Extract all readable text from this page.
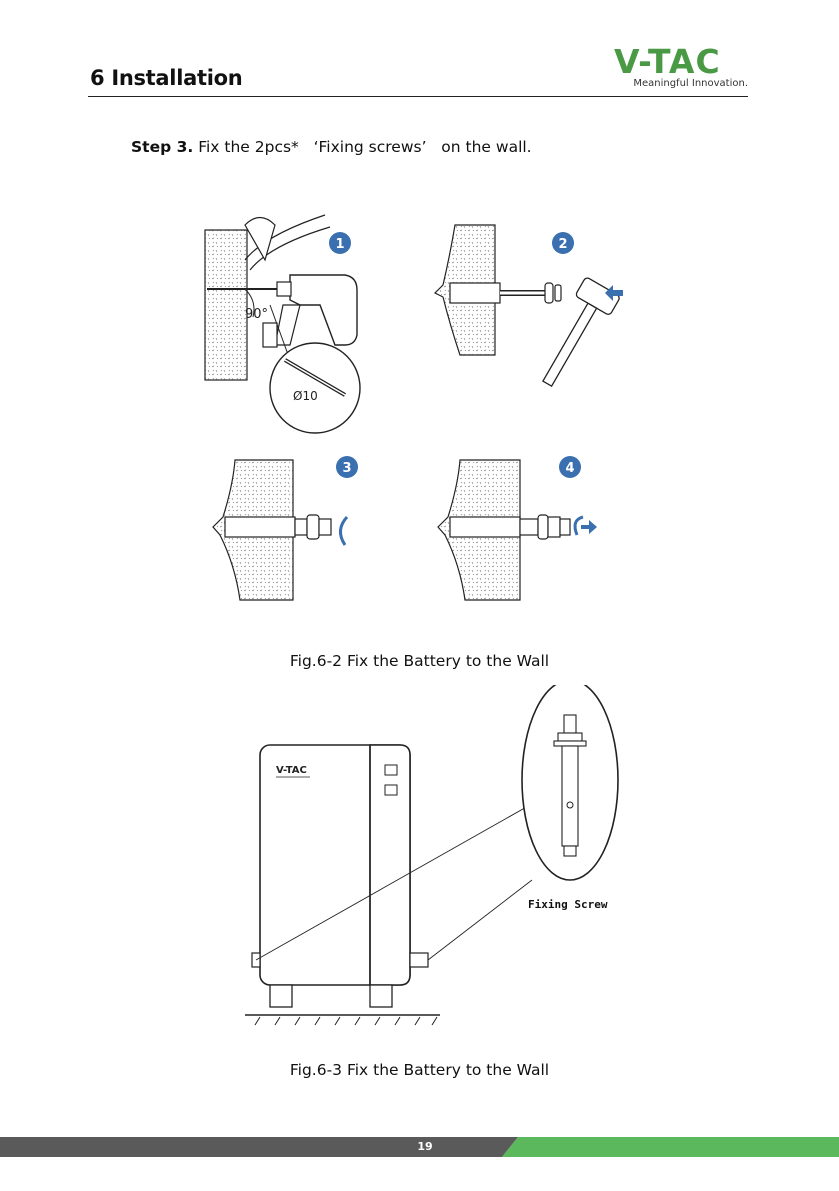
6 Installation	V-TAC
Meaningful Innovation.
Step 3. Fix the 2pcs*   ‘Fixing screws’   on the wall.
90°
Ø10
1	2
3	4
Fig.6-2 Fix the Battery to the Wall
V-TAC
Fixing Screw
Fig.6-3 Fix the Battery to the Wall
19
